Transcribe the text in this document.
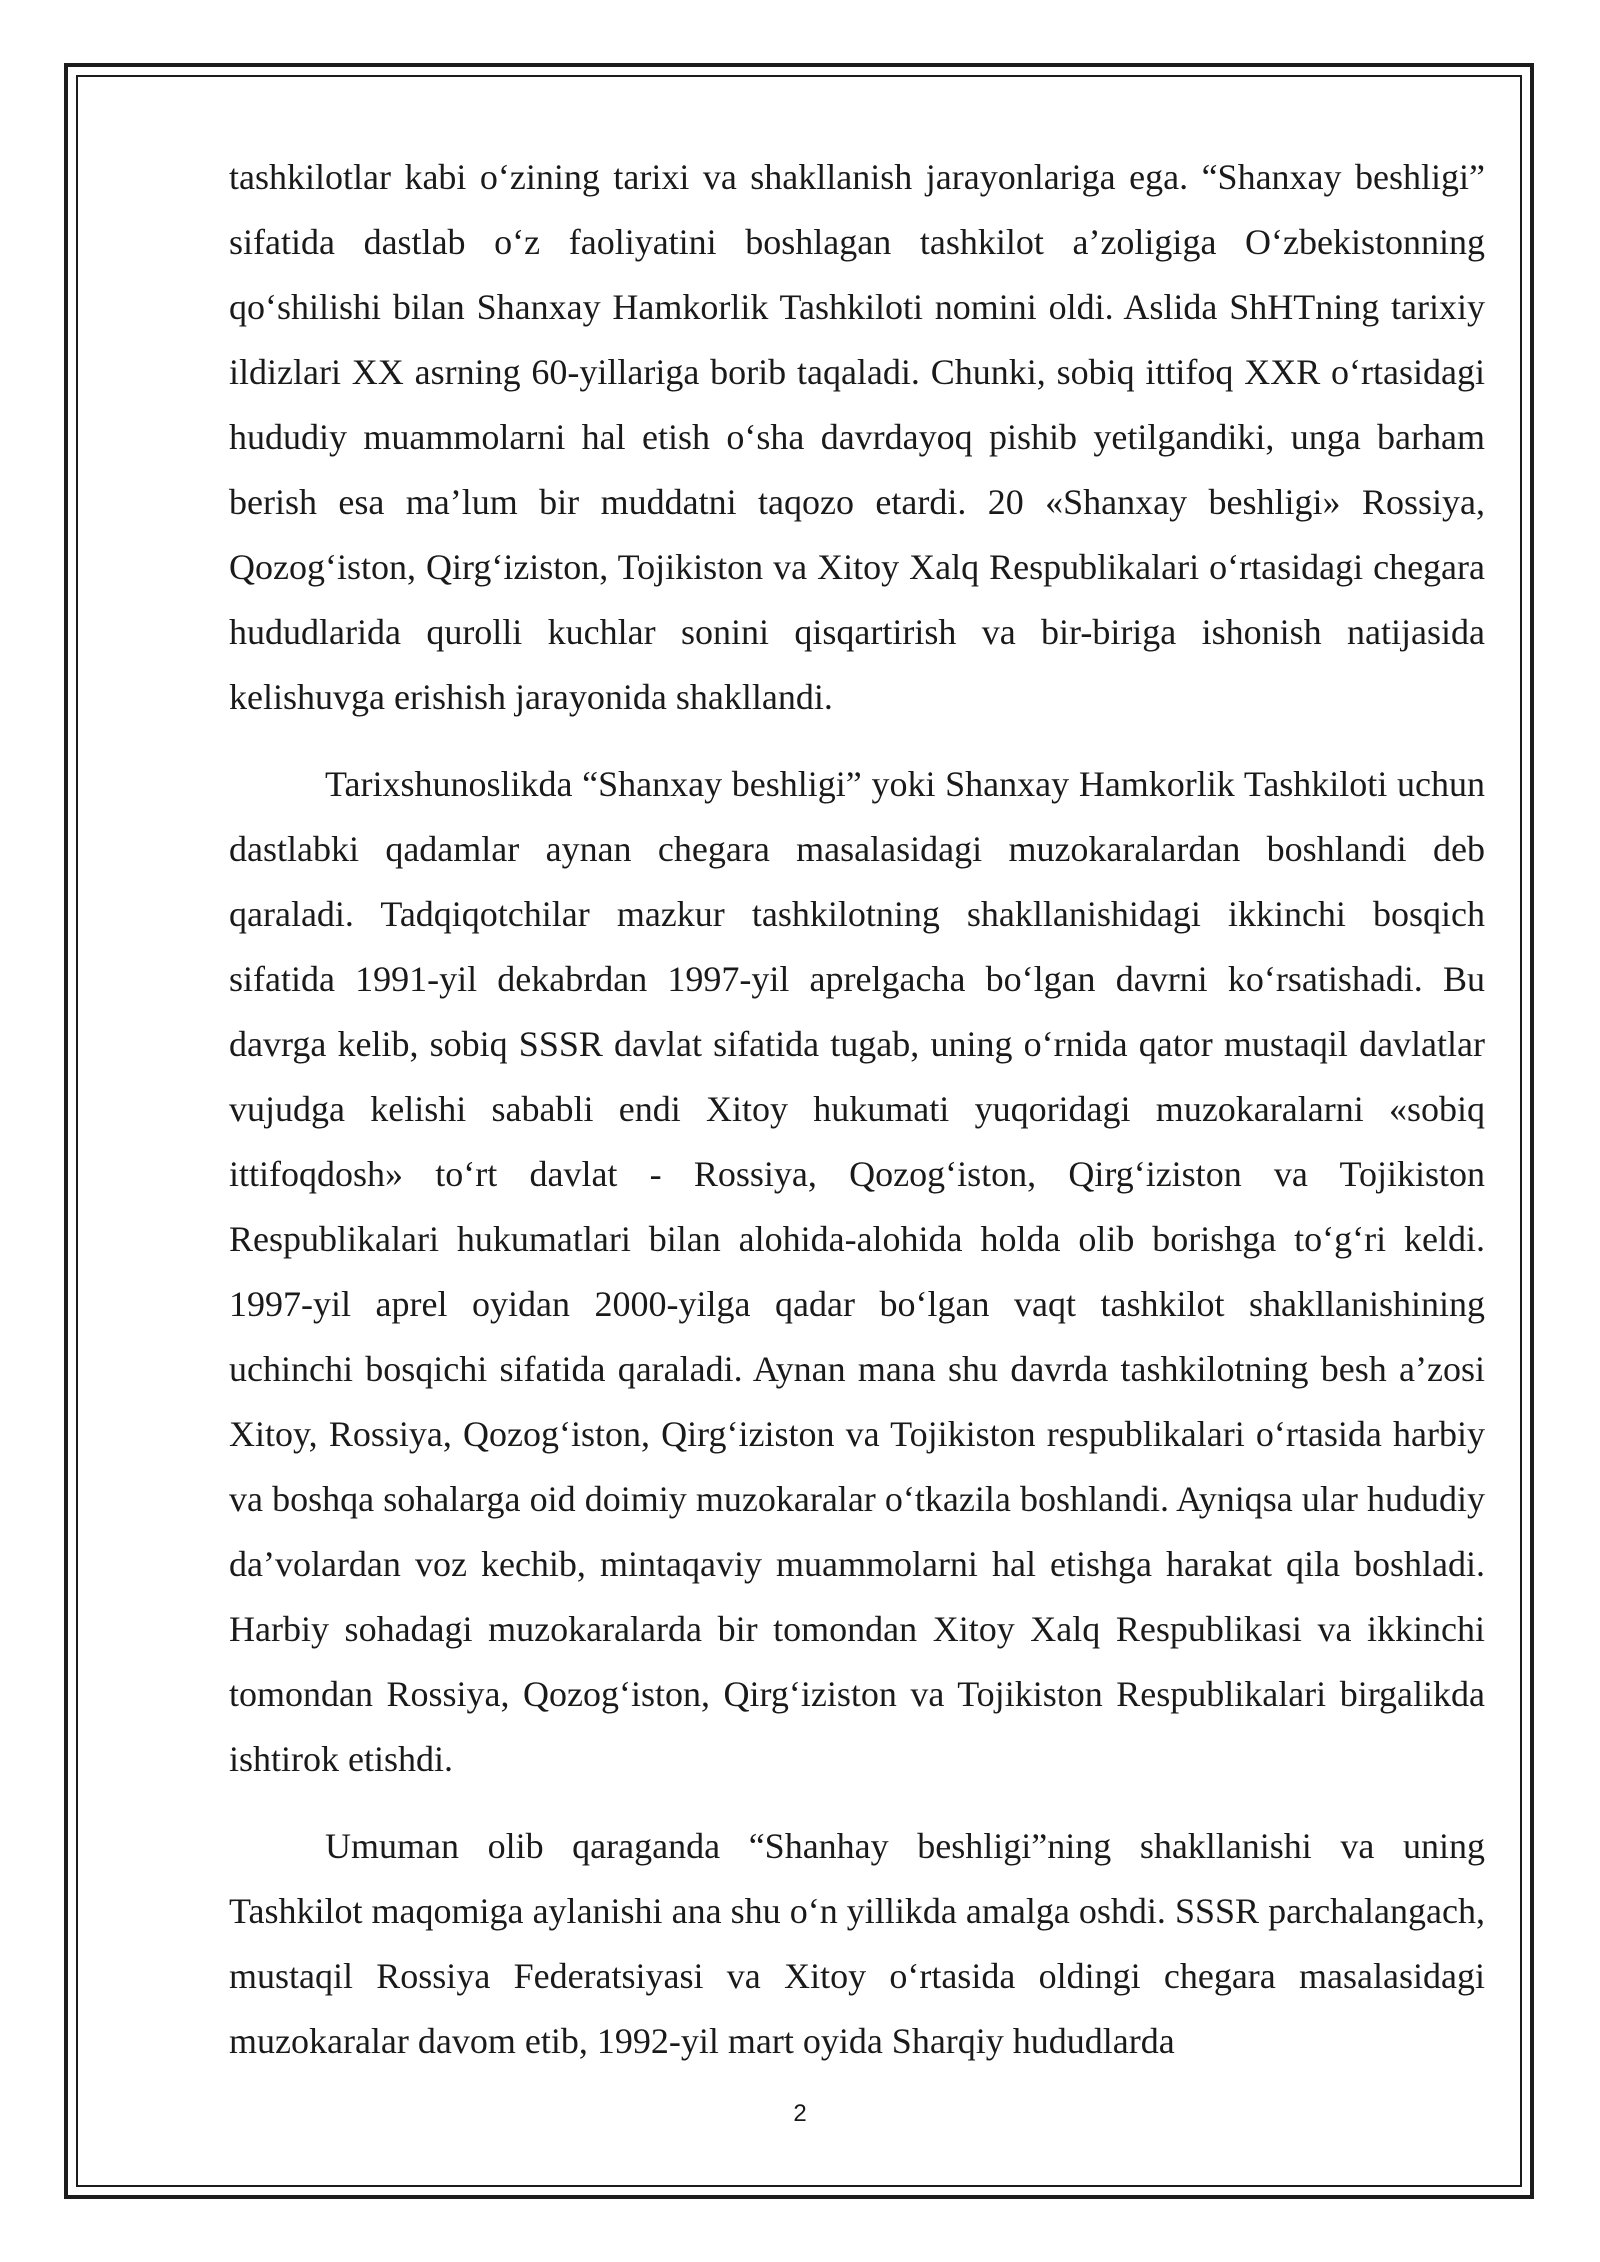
tashkilotlar kabi o‘zining tarixi va shakllanish jarayonlariga ega. “Shanxay beshligi” sifatida dastlab o‘z faoliyatini boshlagan tashkilot a’zoligiga O‘zbekistonning qo‘shilishi bilan Shanxay Hamkorlik Tashkiloti nomini oldi. Aslida ShHTning tarixiy ildizlari XX asrning 60-yillariga borib taqaladi. Chunki, sobiq ittifoq XXR o‘rtasidagi hududiy muammolarni hal etish o‘sha davrdayoq pishib yetilgandiki, unga barham berish esa ma’lum bir muddatni taqozo etardi. 20 «Shanxay beshligi» Rossiya, Qozog‘iston, Qirg‘iziston, Tojikiston va Xitoy Xalq Respublikalari o‘rtasidagi chegara hududlarida qurolli kuchlar sonini qisqartirish va bir-biriga ishonish natijasida kelishuvga erishish jarayonida shakllandi.

Tarixshunoslikda “Shanxay beshligi” yoki Shanxay Hamkorlik Tashkiloti uchun dastlabki qadamlar aynan chegara masalasidagi muzokaralardan boshlandi deb qaraladi. Tadqiqotchilar mazkur tashkilotning shakllanishidagi ikkinchi bosqich sifatida 1991-yil dekabrdan 1997-yil aprelgacha bo‘lgan davrni ko‘rsatishadi. Bu davrga kelib, sobiq SSSR davlat sifatida tugab, uning o‘rnida qator mustaqil davlatlar vujudga kelishi sababli endi Xitoy hukumati yuqoridagi muzokaralarni «sobiq ittifoqdosh» to‘rt davlat - Rossiya, Qozog‘iston, Qirg‘iziston va Tojikiston Respublikalari hukumatlari bilan alohida-alohida holda olib borishga to‘g‘ri keldi. 1997-yil aprel oyidan 2000-yilga qadar bo‘lgan vaqt tashkilot shakllanishining uchinchi bosqichi sifatida qaraladi. Aynan mana shu davrda tashkilotning besh a’zosi Xitoy, Rossiya, Qozog‘iston, Qirg‘iziston va Tojikiston respublikalari o‘rtasida harbiy va boshqa sohalarga oid doimiy muzokaralar o‘tkazila boshlandi. Ayniqsa ular hududiy da’volardan voz kechib, mintaqaviy muammolarni hal etishga harakat qila boshladi. Harbiy sohadagi muzokaralarda bir tomondan Xitoy Xalq Respublikasi va ikkinchi tomondan Rossiya, Qozog‘iston, Qirg‘iziston va Tojikiston Respublikalari birgalikda ishtirok etishdi.

Umuman olib qaraganda “Shanhay beshligi”ning shakllanishi va uning Tashkilot maqomiga aylanishi ana shu o‘n yillikda amalga oshdi. SSSR parchalangach, mustaqil Rossiya Federatsiyasi va Xitoy o‘rtasida oldingi chegara masalasidagi muzokaralar davom etib, 1992-yil mart oyida Sharqiy hududlarda

2
